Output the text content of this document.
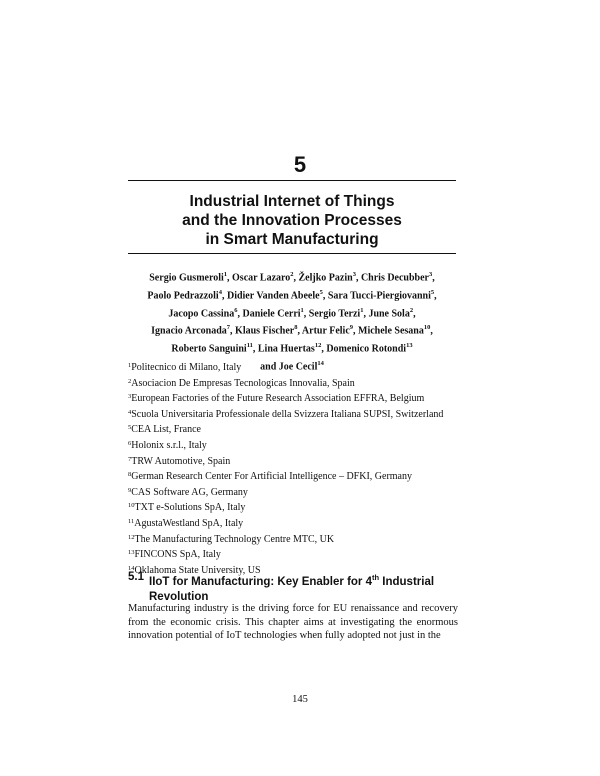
5
Industrial Internet of Things
and the Innovation Processes
in Smart Manufacturing
Sergio Gusmeroli$^1$, Oscar Lazaro$^2$, Željko Pazin$^3$, Chris Decubber$^3$,
Paolo Pedrazzoli$^4$, Didier Vanden Abeele$^5$, Sara Tucci-Piergiovanni$^5$,
Jacopo Cassina$^6$, Daniele Cerri$^1$, Sergio Terzi$^1$, June Sola$^2$,
Ignacio Arconada$^7$, Klaus Fischer$^8$, Artur Felic$^9$, Michele Sesana$^{10}$,
Roberto Sanguini$^{11}$, Lina Huertas$^{12}$, Domenico Rotondi$^{13}$
and Joe Cecil$^{14}$
$^1$Politecnico di Milano, Italy
$^2$Asociacion De Empresas Tecnologicas Innovalia, Spain
$^3$European Factories of the Future Research Association EFFRA, Belgium
$^4$Scuola Universitaria Professionale della Svizzera Italiana SUPSI, Switzerland
$^5$CEA List, France
$^6$Holonix s.r.l., Italy
$^7$TRW Automotive, Spain
$^8$German Research Center For Artificial Intelligence – DFKI, Germany
$^9$CAS Software AG, Germany
$^{10}$TXT e-Solutions SpA, Italy
$^{11}$AgustaWestland SpA, Italy
$^{12}$The Manufacturing Technology Centre MTC, UK
$^{13}$FINCONS SpA, Italy
$^{14}$Oklahoma State University, US
5.1 IIoT for Manufacturing: Key Enabler for 4th Industrial
Revolution
Manufacturing industry is the driving force for EU renaissance and recovery from the economic crisis. This chapter aims at investigating the enormous innovation potential of IoT technologies when fully adopted not just in the
145
